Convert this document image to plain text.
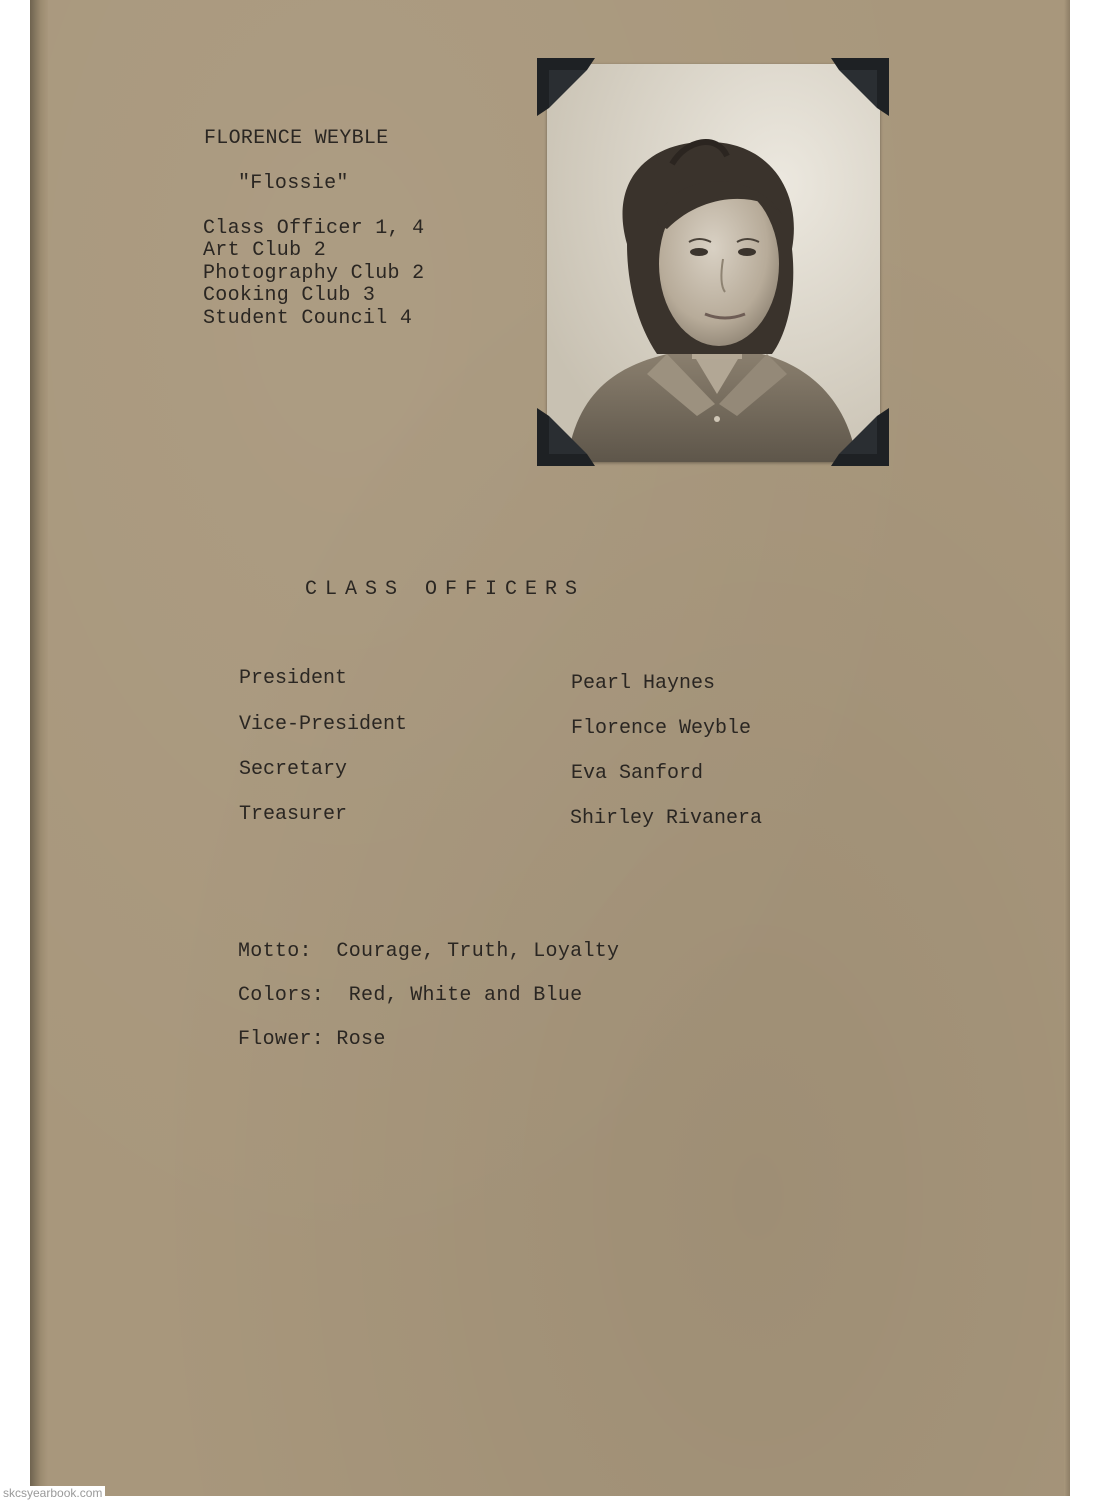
FLORENCE WEYBLE
"Flossie"
Class Officer 1, 4
Art Club 2
Photography Club 2
Cooking Club 3
Student Council 4
CLASS OFFICERS
President	Pearl Haynes
Vice-President	Florence Weyble
Secretary	Eva Sanford
Treasurer	Shirley Rivanera
Motto:  Courage, Truth, Loyalty
Colors:  Red, White and Blue
Flower: Rose
skcsyearbook.com
